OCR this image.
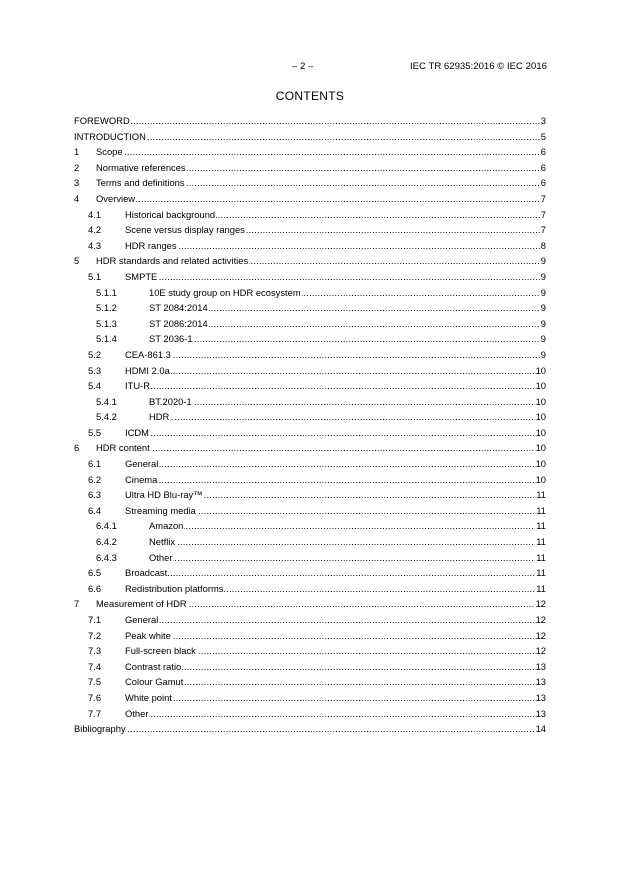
– 2 –	IEC TR 62935:2016 © IEC 2016
CONTENTS
. . .
FOREWORD	3
. . .
INTRODUCTION	5
. . .
1 Scope	6
. . .
2 Normative references	6
. . .
3 Terms and definitions	6
. . .
4 Overview	7
. . .
4.1	Historical background	7
. . .
4.2	Scene versus display ranges	7
. . .
4.3	HDR ranges	8
. . .
5 HDR standards and related activities	9
. . .
5.1	SMPTE	9
. . .
5.1.1	10E study group on HDR ecosystem	9
. . .
5.1.2	ST 2084:2014	9
. . .
5.1.3	ST 2086:2014	9
. . .
5.1.4	ST 2036-1	9
. . .
5.2	CEA-861.3	9
. . .
5.3	HDMI 2.0a	10
. . .
5.4	ITU-R	10
. . .
5.4.1	BT.2020-1	10
. . .
5.4.2	HDR	10
. . .
5.5	ICDM	10
. . .
6 HDR content	10
. . .
6.1	General	10
. . .
6.2	Cinema	10
. . .
6.3	Ultra HD Blu-ray™	11
. . .
6.4	Streaming media	11
. . .
6.4.1	Amazon	11
. . .
6.4.2	Netflix	11
. . .
6.4.3	Other	11
. . .
6.5	Broadcast	11
. . .
6.6	Redistribution platforms	11
. . .
7 Measurement of HDR	12
. . .
7.1	General	12
. . .
7.2	Peak white	12
. . .
7.3	Full-screen black	12
. . .
7.4	Contrast ratio	13
. . .
7.5	Colour Gamut	13
. . .
7.6	White point	13
. . .
7.7	Other	13
. . .
Bibliography	14
